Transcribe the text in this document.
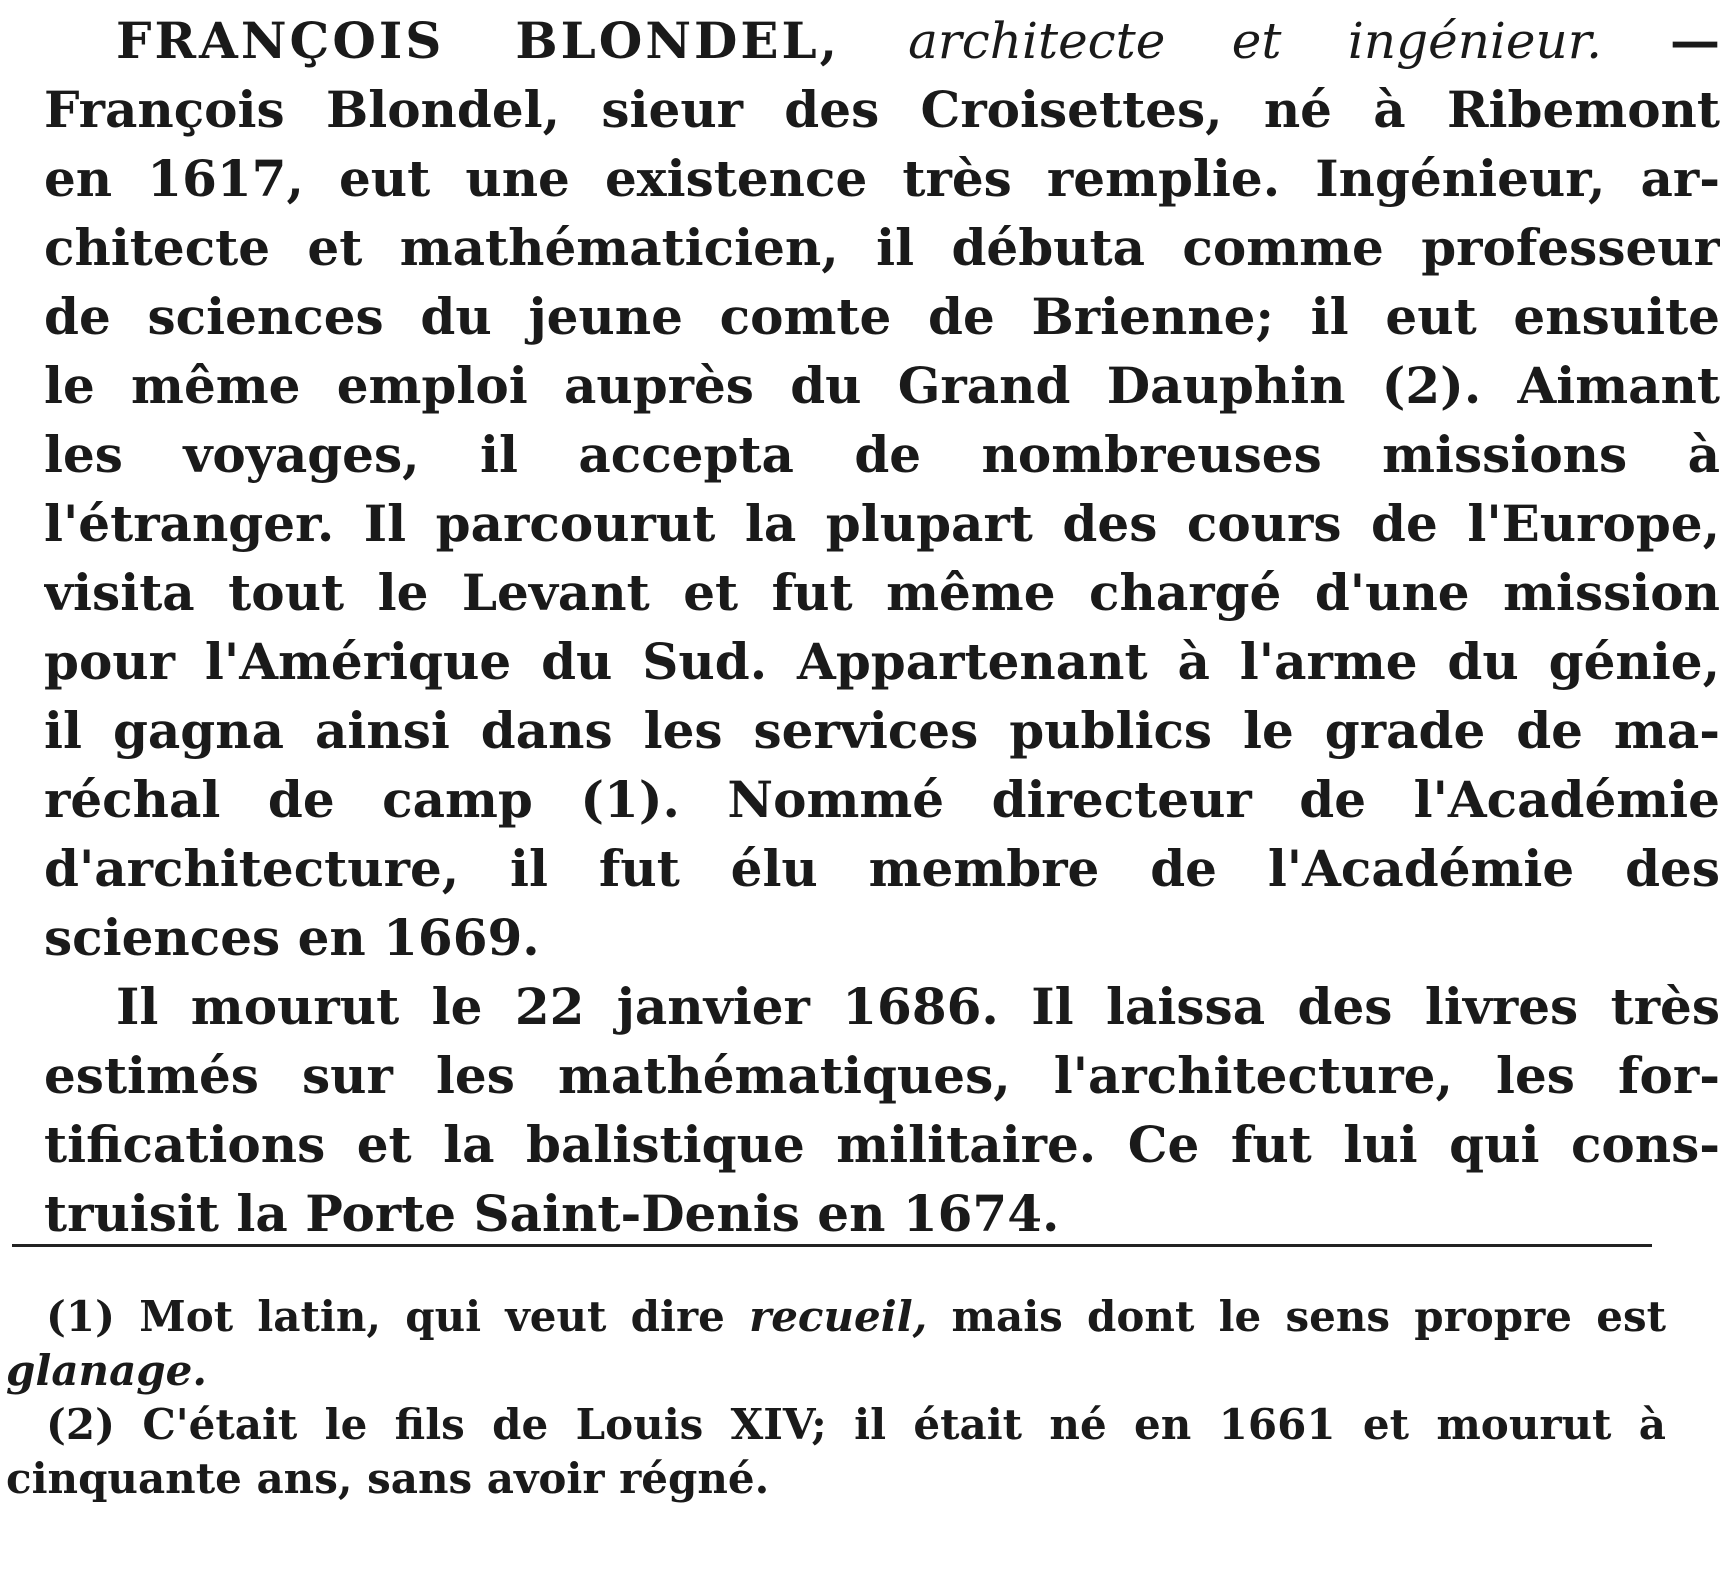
FRANÇOIS BLONDEL, architecte et ingénieur. —
François Blondel, sieur des Croisettes, né à Ribemont
en 1617, eut une existence très remplie. Ingénieur, ar-
chitecte et mathématicien, il débuta comme professeur
de sciences du jeune comte de Brienne; il eut ensuite
le même emploi auprès du Grand Dauphin (2). Aimant
les voyages, il accepta de nombreuses missions à
l'étranger. Il parcourut la plupart des cours de l'Europe,
visita tout le Levant et fut même chargé d'une mission
pour l'Amérique du Sud. Appartenant à l'arme du génie,
il gagna ainsi dans les services publics le grade de ma-
réchal de camp (1). Nommé directeur de l'Académie
d'architecture, il fut élu membre de l'Académie des
sciences en 1669.
Il mourut le 22 janvier 1686. Il laissa des livres très
estimés sur les mathématiques, l'architecture, les for-
tifications et la balistique militaire. Ce fut lui qui cons-
truisit la Porte Saint-Denis en 1674.
(1) Mot latin, qui veut dire recueil, mais dont le sens propre est
glanage.
(2) C'était le fils de Louis XIV; il était né en 1661 et mourut à
cinquante ans, sans avoir régné.
